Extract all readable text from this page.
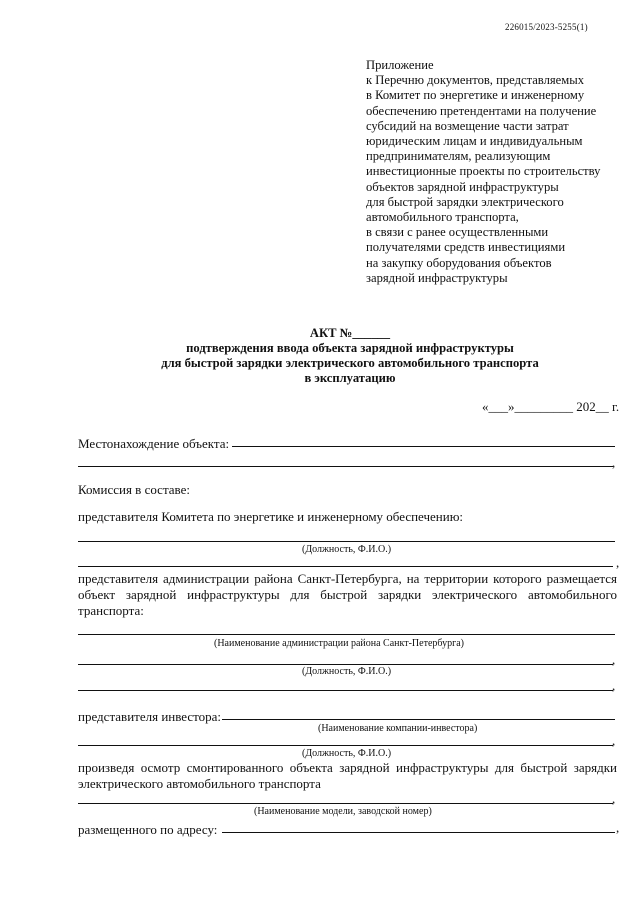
226015/2023-5255(1)
Приложение
к Перечню документов, представляемых
в Комитет по энергетике и инженерному
обеспечению претендентами на получение
субсидий на возмещение части затрат
юридическим лицам и индивидуальным
предпринимателям, реализующим
инвестиционные проекты по строительству
объектов зарядной инфраструктуры
для быстрой зарядки электрического
автомобильного транспорта,
в связи с ранее осуществленными
получателями средств инвестициями
на закупку оборудования объектов
зарядной инфраструктуры
АКТ №______
подтверждения ввода объекта зарядной инфраструктуры
для быстрой зарядки электрического автомобильного транспорта
в эксплуатацию
«___»_________ 202__ г.
Местонахождение объекта:
,
Комиссия в составе:
представителя Комитета по энергетике и инженерному обеспечению:
(Должность, Ф.И.О.)
,
представителя администрации района Санкт-Петербурга, на территории которого размещается объект зарядной инфраструктуры для быстрой зарядки электрического автомобильного транспорта:
(Наименование администрации района Санкт-Петербурга)
,
(Должность, Ф.И.О.)
,
представителя инвестора:
(Наименование компании-инвестора)
,
(Должность, Ф.И.О.)
произведя осмотр смонтированного объекта зарядной инфраструктуры для быстрой зарядки электрического автомобильного транспорта
,
(Наименование модели, заводской номер)
размещенного по адресу:	,
